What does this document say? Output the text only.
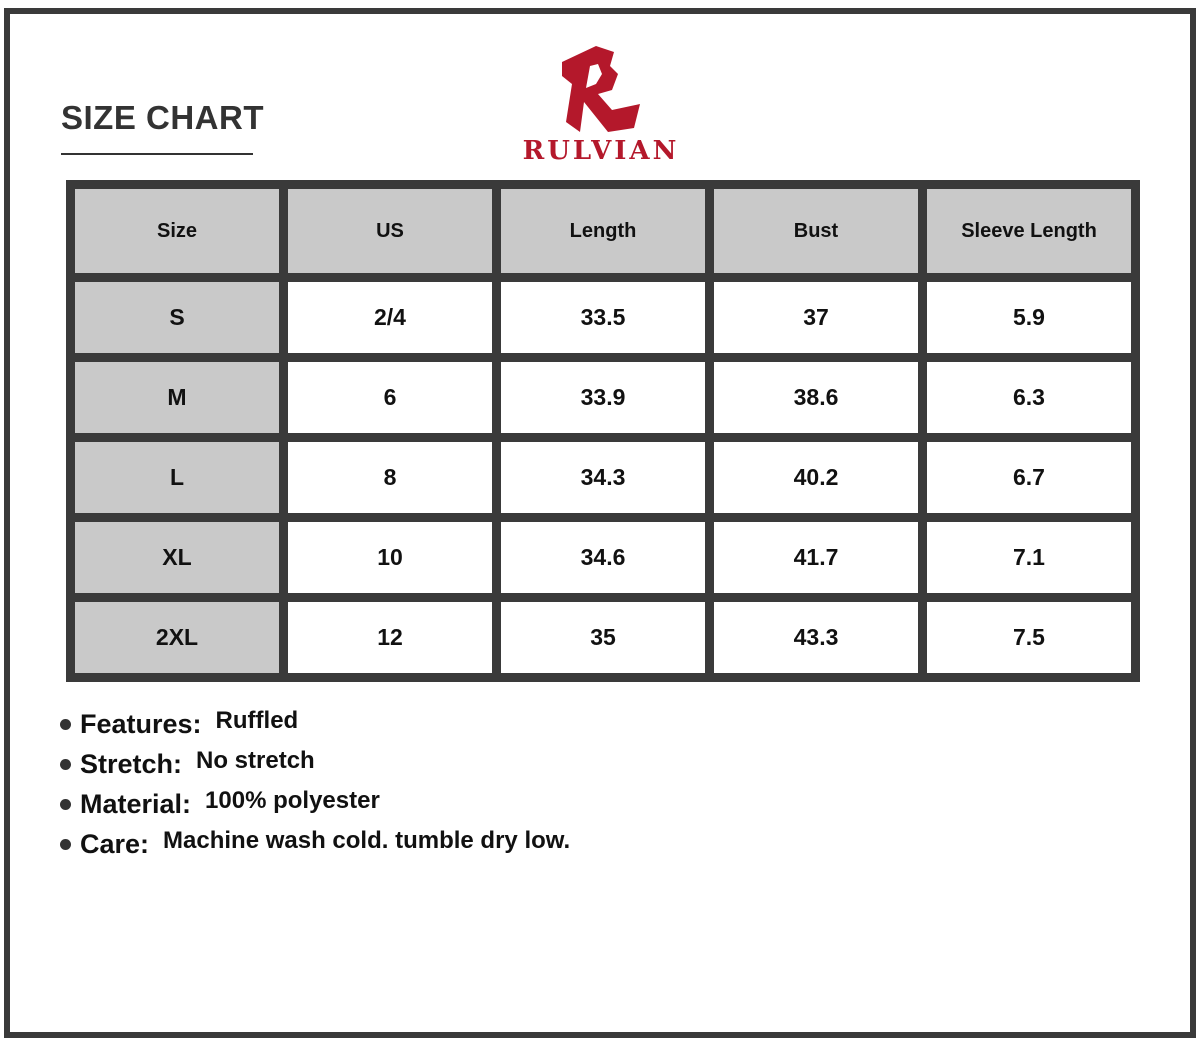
SIZE CHART
RULVIAN
Size	US	Length	Bust	Sleeve Length
S	2/4	33.5	37	5.9
M	6	33.9	38.6	6.3
L	8	34.3	40.2	6.7
XL	10	34.6	41.7	7.1
2XL	12	35	43.3	7.5
Features: Ruffled
Stretch: No stretch
Material: 100% polyester
Care: Machine wash cold. tumble dry low.
